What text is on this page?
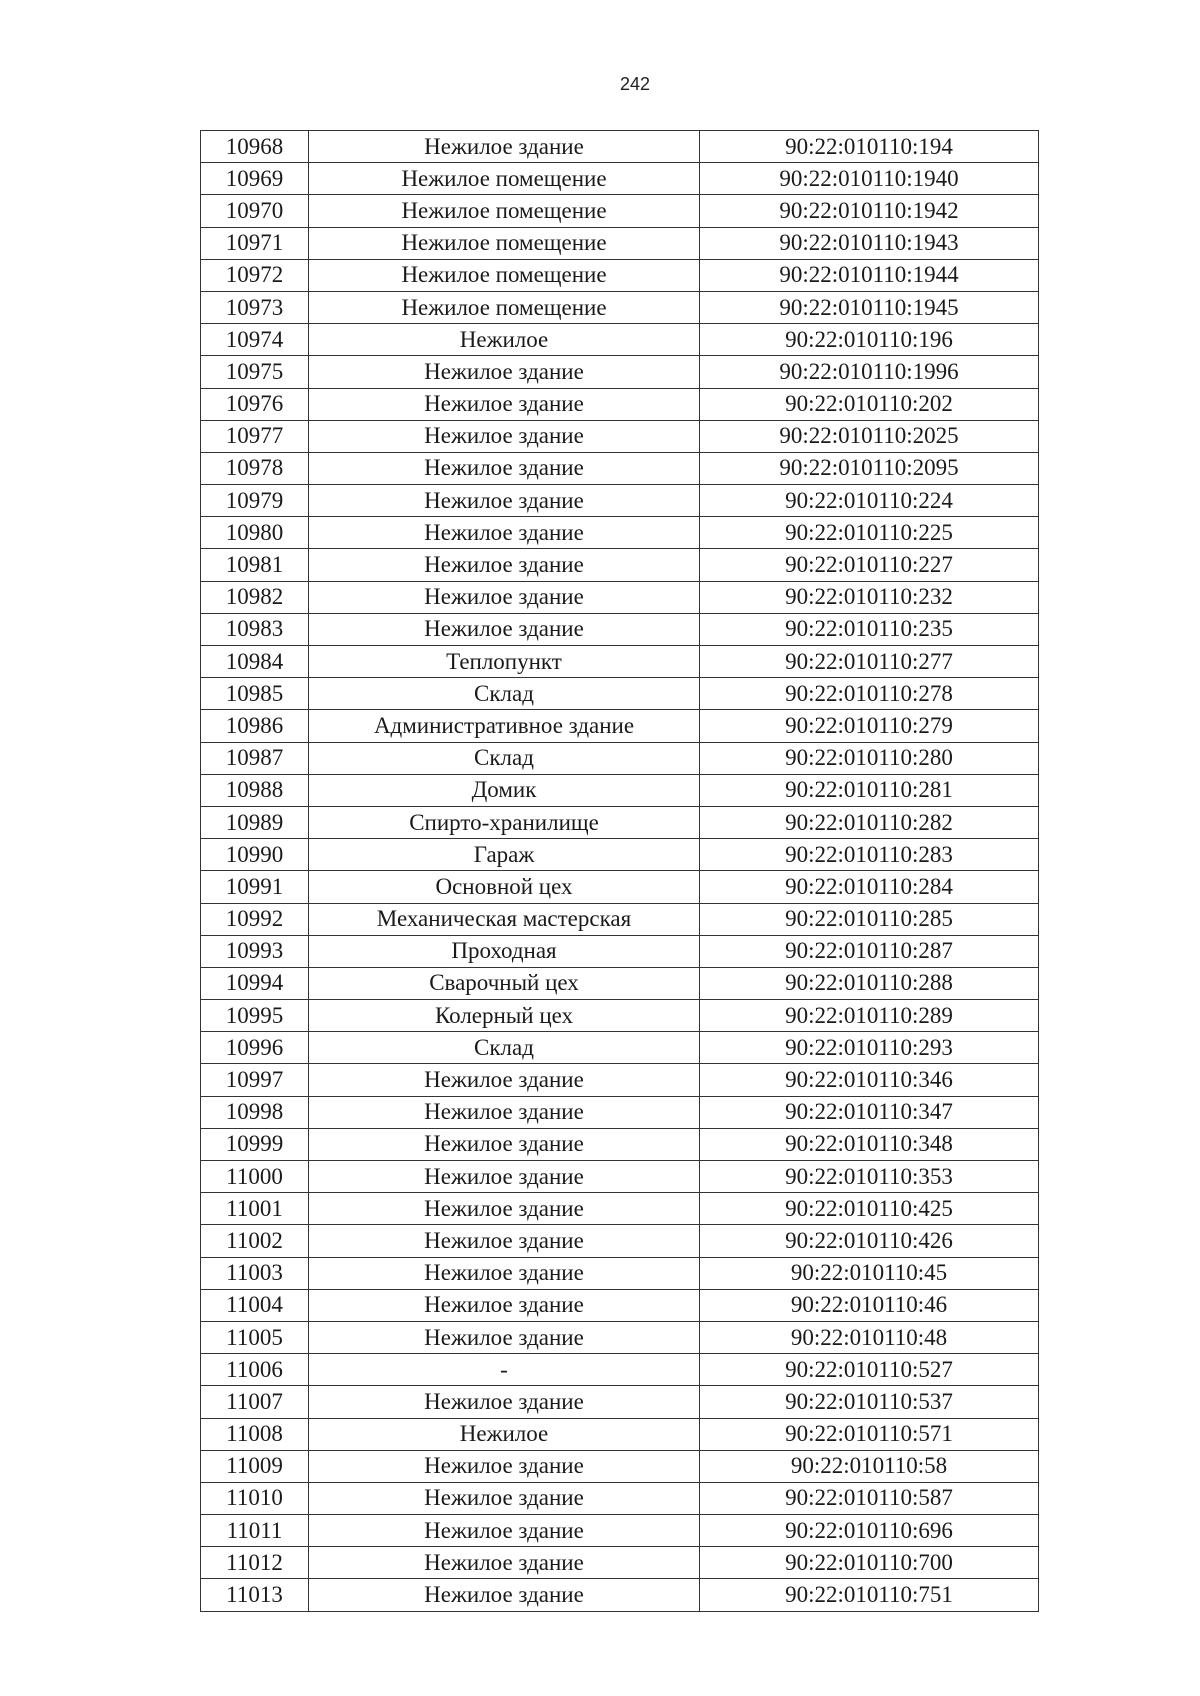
242
10968	Нежилое здание	90:22:010110:194
10969	Нежилое помещение	90:22:010110:1940
10970	Нежилое помещение	90:22:010110:1942
10971	Нежилое помещение	90:22:010110:1943
10972	Нежилое помещение	90:22:010110:1944
10973	Нежилое помещение	90:22:010110:1945
10974	Нежилое	90:22:010110:196
10975	Нежилое здание	90:22:010110:1996
10976	Нежилое здание	90:22:010110:202
10977	Нежилое здание	90:22:010110:2025
10978	Нежилое здание	90:22:010110:2095
10979	Нежилое здание	90:22:010110:224
10980	Нежилое здание	90:22:010110:225
10981	Нежилое здание	90:22:010110:227
10982	Нежилое здание	90:22:010110:232
10983	Нежилое здание	90:22:010110:235
10984	Теплопункт	90:22:010110:277
10985	Склад	90:22:010110:278
10986	Административное здание	90:22:010110:279
10987	Склад	90:22:010110:280
10988	Домик	90:22:010110:281
10989	Спирто-хранилище	90:22:010110:282
10990	Гараж	90:22:010110:283
10991	Основной цех	90:22:010110:284
10992	Механическая мастерская	90:22:010110:285
10993	Проходная	90:22:010110:287
10994	Сварочный цех	90:22:010110:288
10995	Колерный цех	90:22:010110:289
10996	Склад	90:22:010110:293
10997	Нежилое здание	90:22:010110:346
10998	Нежилое здание	90:22:010110:347
10999	Нежилое здание	90:22:010110:348
11000	Нежилое здание	90:22:010110:353
11001	Нежилое здание	90:22:010110:425
11002	Нежилое здание	90:22:010110:426
11003	Нежилое здание	90:22:010110:45
11004	Нежилое здание	90:22:010110:46
11005	Нежилое здание	90:22:010110:48
11006	-	90:22:010110:527
11007	Нежилое здание	90:22:010110:537
11008	Нежилое	90:22:010110:571
11009	Нежилое здание	90:22:010110:58
11010	Нежилое здание	90:22:010110:587
11011	Нежилое здание	90:22:010110:696
11012	Нежилое здание	90:22:010110:700
11013	Нежилое здание	90:22:010110:751
